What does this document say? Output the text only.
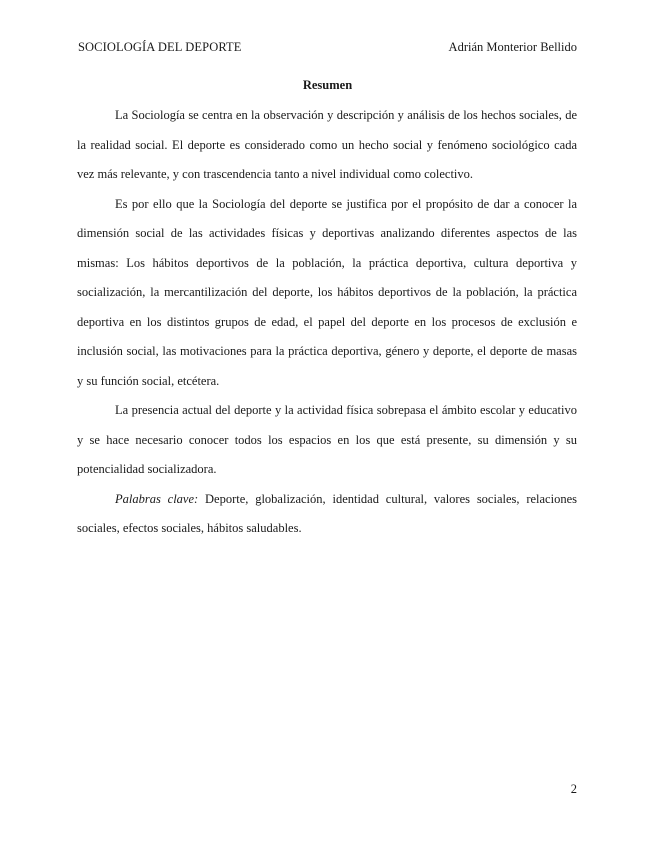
SOCIOLOGÍA DEL DEPORTE	Adrián Monterior Bellido
Resumen

La Sociología se centra en la observación y descripción y análisis de los hechos sociales, de la realidad social. El deporte es considerado como un hecho social y fenómeno sociológico cada vez más relevante, y con trascendencia tanto a nivel individual como colectivo.

Es por ello que la Sociología del deporte se justifica por el propósito de dar a conocer la dimensión social de las actividades físicas y deportivas analizando diferentes aspectos de las mismas: Los hábitos deportivos de la población, la práctica deportiva, cultura deportiva y socialización, la mercantilización del deporte, los hábitos deportivos de la población, la práctica deportiva en los distintos grupos de edad, el papel del deporte en los procesos de exclusión e inclusión social, las motivaciones para la práctica deportiva, género y deporte, el deporte de masas y su función social, etcétera.

La presencia actual del deporte y la actividad física sobrepasa el ámbito escolar y educativo y se hace necesario conocer todos los espacios en los que está presente, su dimensión y su potencialidad socializadora.

Palabras clave: Deporte, globalización, identidad cultural, valores sociales, relaciones sociales, efectos sociales, hábitos saludables.

2
